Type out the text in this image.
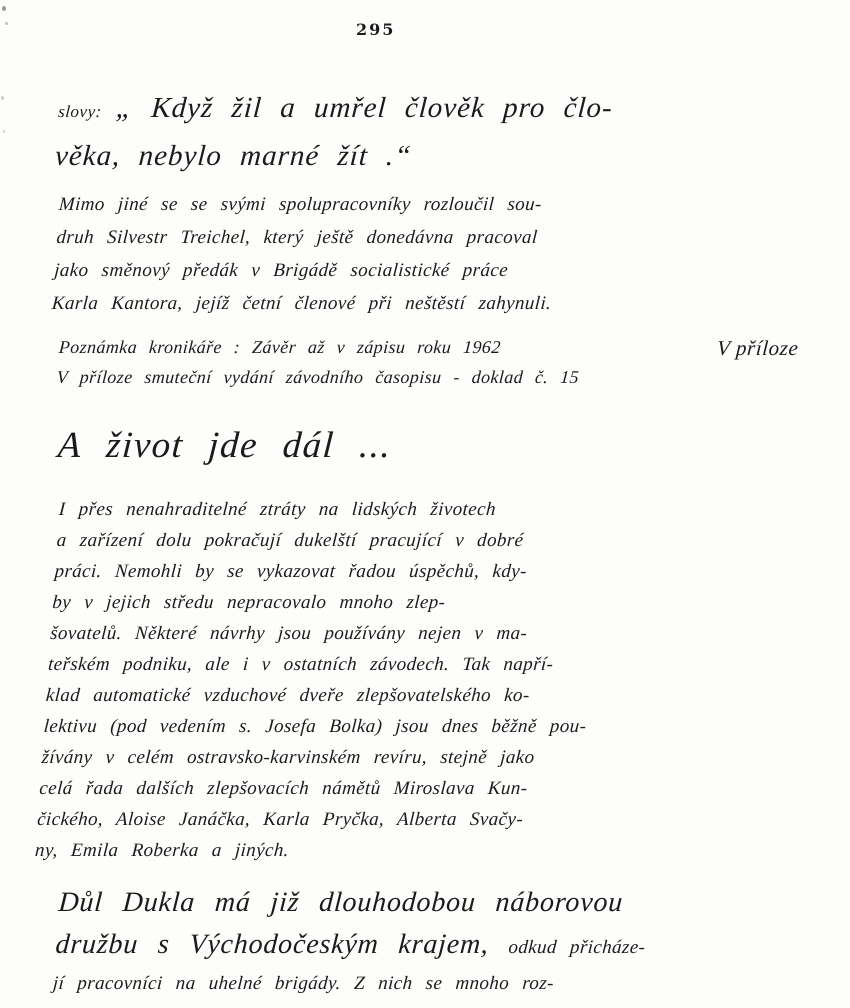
295
V příloze
slovy: „ Když žil a umřel člověk pro člo-
věka, nebylo marné žít .“
Mimo jiné se se svými spolupracovníky rozloučil sou-
druh Silvestr Treichel, který ještě donedávna pracoval
jako směnový předák v Brigádě socialistické práce
Karla Kantora, jejíž četní členové při neštěstí zahynuli.
Poznámka kronikáře : Závěr až v zápisu roku 1962
V příloze smuteční vydání závodního časopisu - doklad č. 15
A život jde dál ...
I přes nenahraditelné ztráty na lidských životech
a zařízení dolu pokračují dukelští pracující v dobré
práci. Nemohli by se vykazovat řadou úspěchů, kdy-
by v jejich středu nepracovalo mnoho zlep-
šovatelů. Některé návrhy jsou používány nejen v ma-
teřském podniku, ale i v ostatních závodech. Tak napří-
klad automatické vzduchové dveře zlepšovatelského ko-
lektivu (pod vedením s. Josefa Bolka) jsou dnes běžně pou-
žívány v celém ostravsko-karvinském revíru, stejně jako
celá řada dalších zlepšovacích námětů Miroslava Kun-
čického, Aloise Janáčka, Karla Pryčka, Alberta Svačy-
ny, Emila Roberka a jiných.
Důl Dukla má již dlouhodobou náborovou
družbu s Východočeským krajem, odkud přicháze-
jí pracovníci na uhelné brigády. Z nich se mnoho roz-
